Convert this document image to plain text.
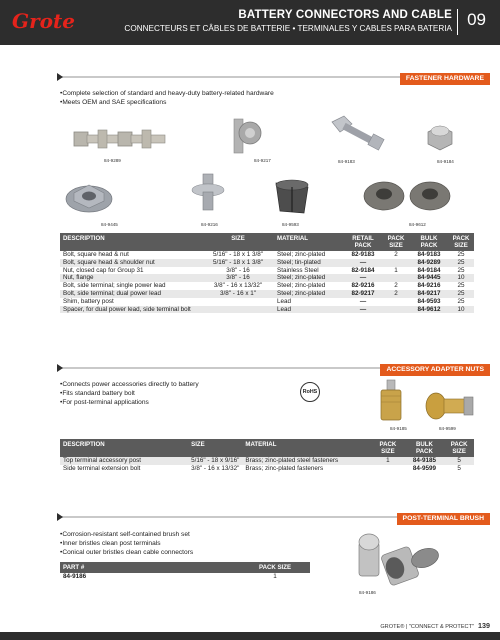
Grote	BATTERY CONNECTORS AND CABLE
CONNECTEURS ET CÂBLES DE BATTERIE • TERMINALES Y CABLES PARA BATERIA 09
FASTENER HARDWARE
• Complete selection of standard and heavy-duty battery-related hardware
• Meets OEM and SAE specifications
84-9289	84-9217	84-9183	84-9184
84-9445	84-9216	84-9593	84-9612
DESCRIPTION	SIZE	MATERIAL	RETAIL PACK	PACK SIZE	BULK PACK	PACK SIZE
Bolt, square head & nut	5/16" - 18 x 1 3/8"	Steel; zinc-plated	82-9183	2	84-9183	25
Bolt, square head & shoulder nut	5/16" - 18 x 1 3/8"	Steel; tin-plated	—		84-9289	25
Nut, closed cap for Group 31	3/8" - 16	Stainless Steel	82-9184	1	84-9184	25
Nut, flange	3/8" - 16	Steel; zinc-plated	—		84-9445	10
Bolt, side terminal; single power lead	3/8" - 16 x 13/32"	Steel; zinc-plated	82-9216	2	84-9216	25
Bolt, side terminal; dual power lead	3/8" - 16 x 1"	Steel; zinc-plated	82-9217	2	84-9217	25
Shim, battery post		Lead	—		84-9593	25
Spacer, for dual power lead, side terminal bolt		Lead	—		84-9612	10
ACCESSORY ADAPTER NUTS
• Connects power accessories directly to battery
• Fits standard battery bolt
• For post-terminal applications
RoHS
84-9185	84-9599
DESCRIPTION	SIZE	MATERIAL	PACK SIZE	BULK PACK	PACK SIZE
Top terminal accessory post	5/16" - 18 x 9/16"	Brass; zinc-plated steel fasteners	1	84-9185	5
Side terminal extension bolt	3/8" - 16 x 13/32"	Brass; zinc-plated fasteners		84-9599	5
POST-TERMINAL BRUSH
• Corrosion-resistant self-contained brush set
• Inner bristles clean post terminals
• Conical outer bristles clean cable connectors
PART #	PACK SIZE
84-9186	1
84-9186
GROTE® | "CONNECT & PROTECT" 139
